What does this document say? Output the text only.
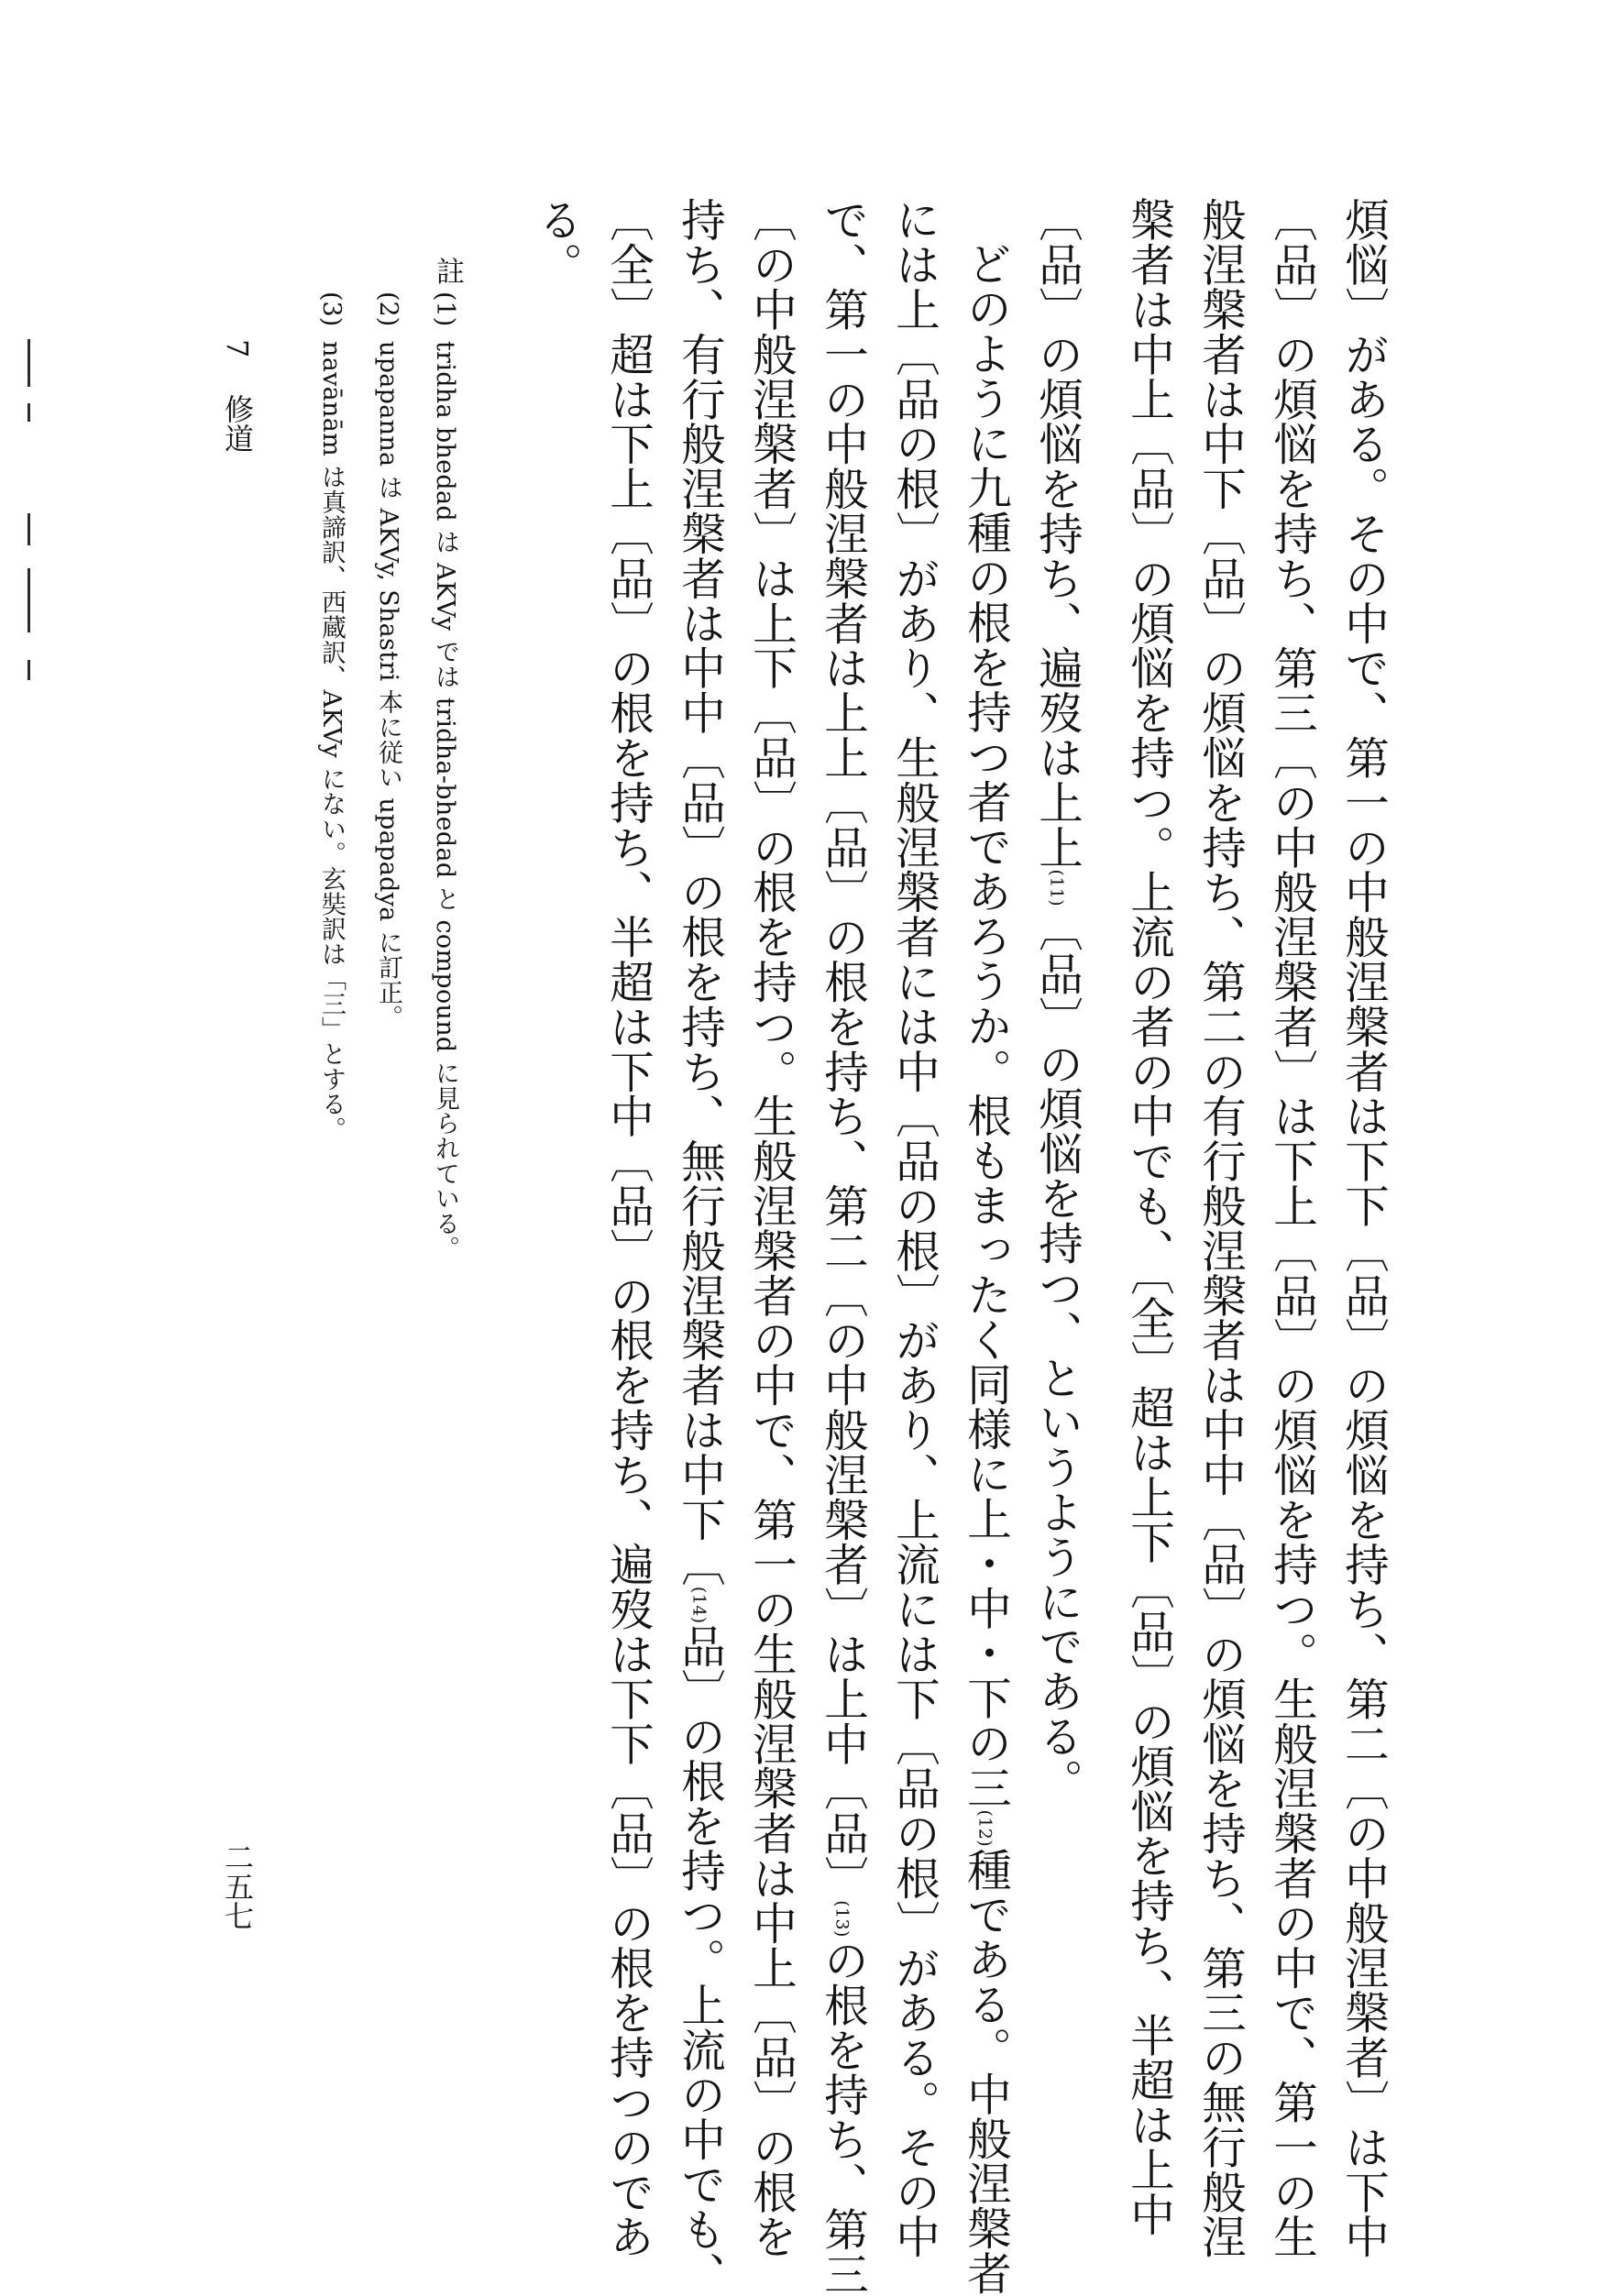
煩悩〕がある。その中で、第一の中般涅槃者は下下〔品〕の煩悩を持ち、第二〔の中般涅槃者〕は下中
〔品〕の煩悩を持ち、第三〔の中般涅槃者〕は下上〔品〕の煩悩を持つ。生般涅槃者の中で、第一の生
般涅槃者は中下〔品〕の煩悩を持ち、第二の有行般涅槃者は中中〔品〕の煩悩を持ち、第三の無行般涅
槃者は中上〔品〕の煩悩を持つ。上流の者の中でも、〔全〕超は上下〔品〕の煩悩を持ち、半超は上中
〔品〕の煩悩を持ち、遍歿は上上(11)〔品〕の煩悩を持つ、というようにである。
どのように九種の根を持つ者であろうか。根もまったく同様に上・中・下の三(12)種である。中般涅槃者
には上〔品の根〕があり、生般涅槃者には中〔品の根〕があり、上流には下〔品の根〕がある。その中
で、第一の中般涅槃者は上上〔品〕の根を持ち、第二〔の中般涅槃者〕は上中〔品〕(13)の根を持ち、第三
〔の中般涅槃者〕は上下〔品〕の根を持つ。生般涅槃者の中で、第一の生般涅槃者は中上〔品〕の根を
持ち、有行般涅槃者は中中〔品〕の根を持ち、無行般涅槃者は中下〔(14)品〕の根を持つ。上流の中でも、
〔全〕超は下上〔品〕の根を持ち、半超は下中〔品〕の根を持ち、遍歿は下下〔品〕の根を持つのであ
る。
註
(1)
tridha bhedad は AKVy では tridha-bhedad と compound に見られている。
(2)
upapanna は AKVy, Shastri 本に従い upapadya に訂正。
(3)
navānām は真諦訳、西蔵訳、AKVy にない。玄奘訳は「三」とする。
7
修道
二五七
